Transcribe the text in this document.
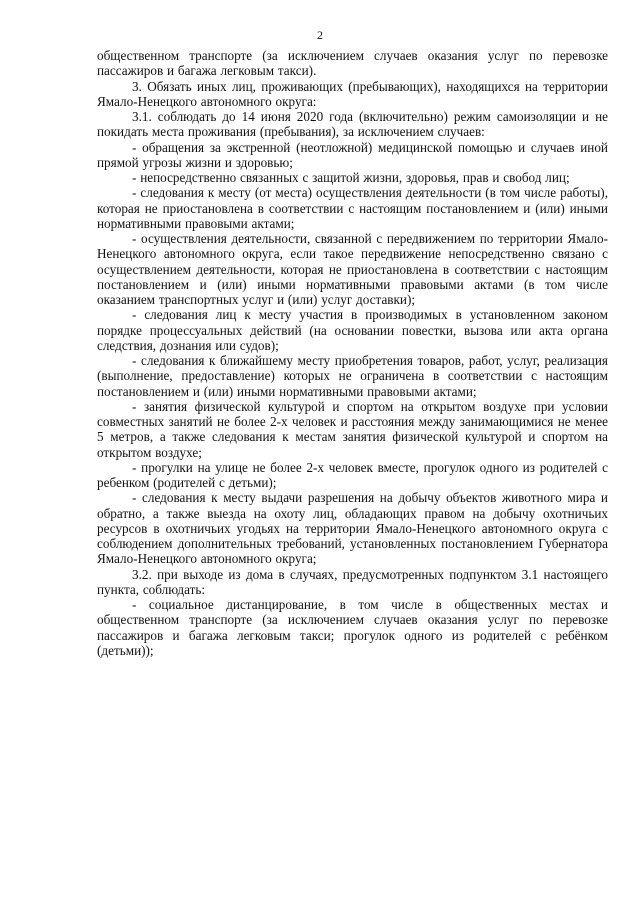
2

общественном транспорте (за исключением случаев оказания услуг по перевозке пассажиров и багажа легковым такси).

3. Обязать иных лиц, проживающих (пребывающих), находящихся на территории Ямало-Ненецкого автономного округа:

3.1. соблюдать до 14 июня 2020 года (включительно) режим самоизоляции и не покидать места проживания (пребывания), за исключением случаев:

- обращения за экстренной (неотложной) медицинской помощью и случаев иной прямой угрозы жизни и здоровью;

- непосредственно связанных с защитой жизни, здоровья, прав и свобод лиц;

- следования к месту (от места) осуществления деятельности (в том числе работы), которая не приостановлена в соответствии с настоящим постановлением и (или) иными нормативными правовыми актами;

- осуществления деятельности, связанной с передвижением по территории Ямало-Ненецкого автономного округа, если такое передвижение непосредственно связано с осуществлением деятельности, которая не приостановлена в соответствии с настоящим постановлением и (или) иными нормативными правовыми актами (в том числе оказанием транспортных услуг и (или) услуг доставки);

- следования лиц к месту участия в производимых в установленном законом порядке процессуальных действий (на основании повестки, вызова или акта органа следствия, дознания или судов);

- следования к ближайшему месту приобретения товаров, работ, услуг, реализация (выполнение, предоставление) которых не ограничена в соответствии с настоящим постановлением и (или) иными нормативными правовыми актами;

- занятия физической культурой и спортом на открытом воздухе при условии совместных занятий не более 2-х человек и расстояния между занимающимися не менее 5 метров, а также следования к местам занятия физической культурой и спортом на открытом воздухе;

- прогулки на улице не более 2-х человек вместе, прогулок одного из родителей с ребенком (родителей с детьми);

- следования к месту выдачи разрешения на добычу объектов животного мира и обратно, а также выезда на охоту лиц, обладающих правом на добычу охотничьих ресурсов в охотничьих угодьях на территории Ямало-Ненецкого автономного округа с соблюдением дополнительных требований, установленных постановлением Губернатора Ямало-Ненецкого автономного округа;

3.2. при выходе из дома в случаях, предусмотренных подпунктом 3.1 настоящего пункта, соблюдать:

- социальное дистанцирование, в том числе в общественных местах и общественном транспорте (за исключением случаев оказания услуг по перевозке пассажиров и багажа легковым такси; прогулок одного из родителей с ребёнком (детьми));
